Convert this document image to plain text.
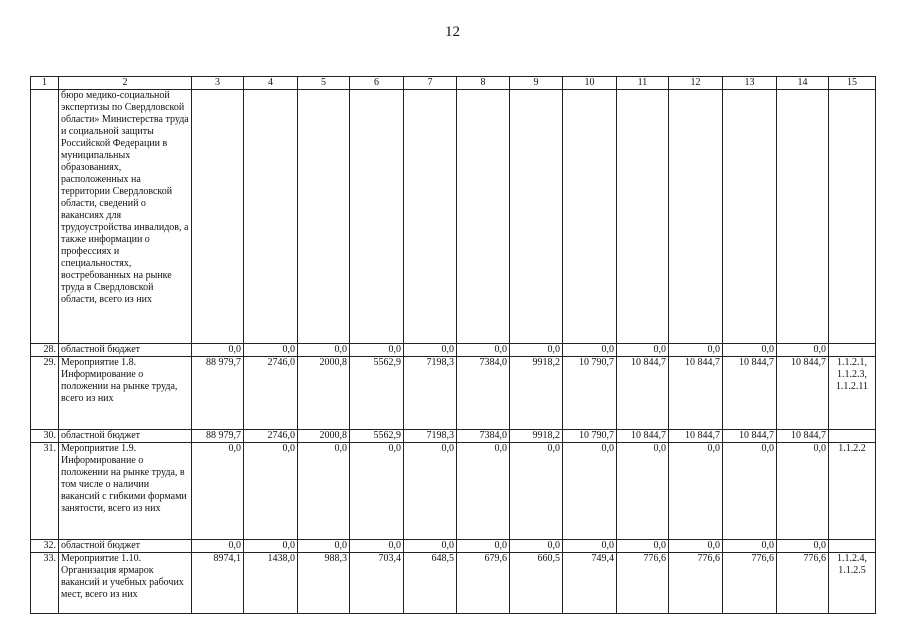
12
1	2	3	4	5	6	7	8	9	10	11	12	13	14	15
	бюро медико-социальной экспертизы по Свердловской области» Министерства труда и социальной защиты Российской Федерации в муниципальных образованиях, расположенных на территории Свердловской области, сведений о вакансиях для трудоустройства инвалидов, а также информации о профессиях и специальностях, востребованных на рынке труда в Свердловской области, всего из них													
28.	областной бюджет	0,0	0,0	0,0	0,0	0,0	0,0	0,0	0,0	0,0	0,0	0,0	0,0	
29.	Мероприятие 1.8. Информирование о положении на рынке труда, всего из них	88 979,7	2746,0	2000,8	5562,9	7198,3	7384,0	9918,2	10 790,7	10 844,7	10 844,7	10 844,7	10 844,7	1.1.2.1, 1.1.2.3, 1.1.2.11
30.	областной бюджет	88 979,7	2746,0	2000,8	5562,9	7198,3	7384,0	9918,2	10 790,7	10 844,7	10 844,7	10 844,7	10 844,7	
31.	Мероприятие 1.9. Информирование о положении на рынке труда, в том числе о наличии вакансий с гибкими формами занятости, всего из них	0,0	0,0	0,0	0,0	0,0	0,0	0,0	0,0	0,0	0,0	0,0	0,0	1.1.2.2
32.	областной бюджет	0,0	0,0	0,0	0,0	0,0	0,0	0,0	0,0	0,0	0,0	0,0	0,0	
33.	Мероприятие 1.10. Организация ярмарок вакансий и учебных рабочих мест, всего из них	8974,1	1438,0	988,3	703,4	648,5	679,6	660,5	749,4	776,6	776,6	776,6	776,6	1.1.2.4, 1.1.2.5
